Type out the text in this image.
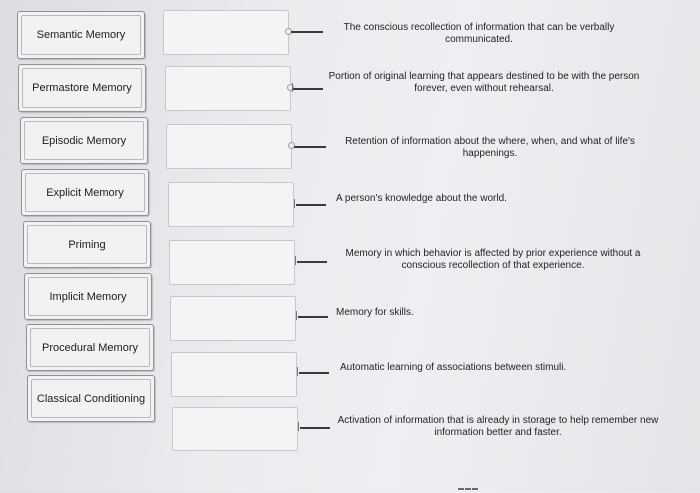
Semantic Memory
Permastore Memory
Episodic Memory
Explicit Memory
Priming
Implicit Memory
Procedural Memory
Classical Conditioning
The conscious recollection of information that can be verbally
communicated.
Portion of original learning that appears destined to be with the person
forever, even without rehearsal.
Retention of information about the where, when, and what of life's
happenings.
A person's knowledge about the world.
Memory in which behavior is affected by prior experience without a
conscious recollection of that experience.
Memory for skills.
Automatic learning of associations between stimuli.
Activation of information that is already in storage to help remember new
information better and faster.
